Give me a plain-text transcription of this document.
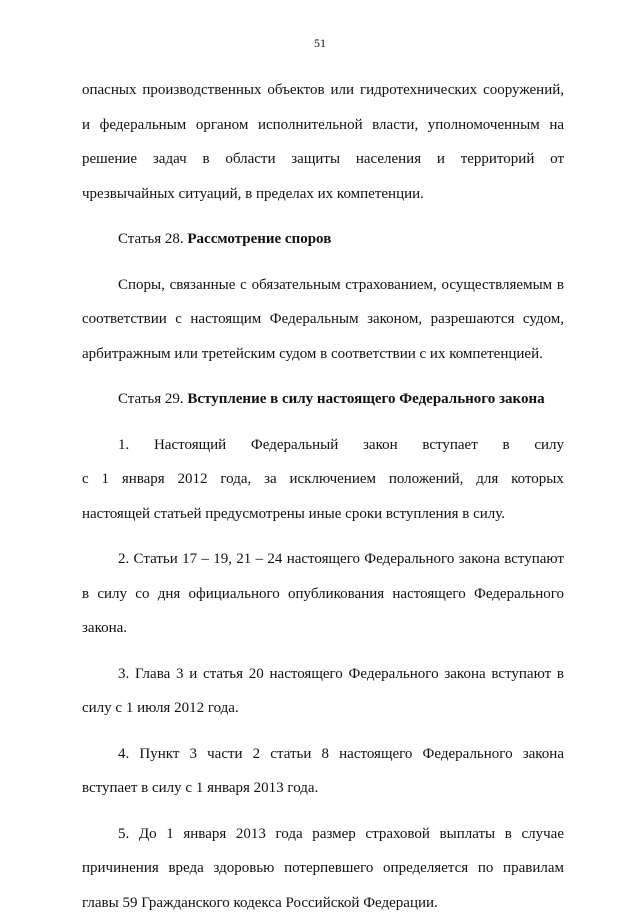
51

опасных производственных объектов или гидротехнических сооружений, и федеральным органом исполнительной власти, уполномоченным на решение задач в области защиты населения и территорий от чрезвычайных ситуаций, в пределах их компетенции.

Статья 28. Рассмотрение споров

Споры, связанные с обязательным страхованием, осуществляемым в соответствии с настоящим Федеральным законом, разрешаются судом, арбитражным или третейским судом в соответствии с их компетенцией.

Статья 29. Вступление в силу настоящего Федерального закона

1. Настоящий Федеральный закон вступает в силу
с 1 января 2012 года, за исключением положений, для которых

настоящей статьей предусмотрены иные сроки вступления в силу.

2. Статьи 17 – 19, 21 – 24 настоящего Федерального закона вступают в силу со дня официального опубликования настоящего Федерального закона.

3. Глава 3 и статья 20 настоящего Федерального закона вступают в силу с 1 июля 2012 года.

4. Пункт 3 части 2 статьи 8 настоящего Федерального закона вступает в силу с 1 января 2013 года.

5. До 1 января 2013 года размер страховой выплаты в случае причинения вреда здоровью потерпевшего определяется по правилам главы 59 Гражданского кодекса Российской Федерации.
